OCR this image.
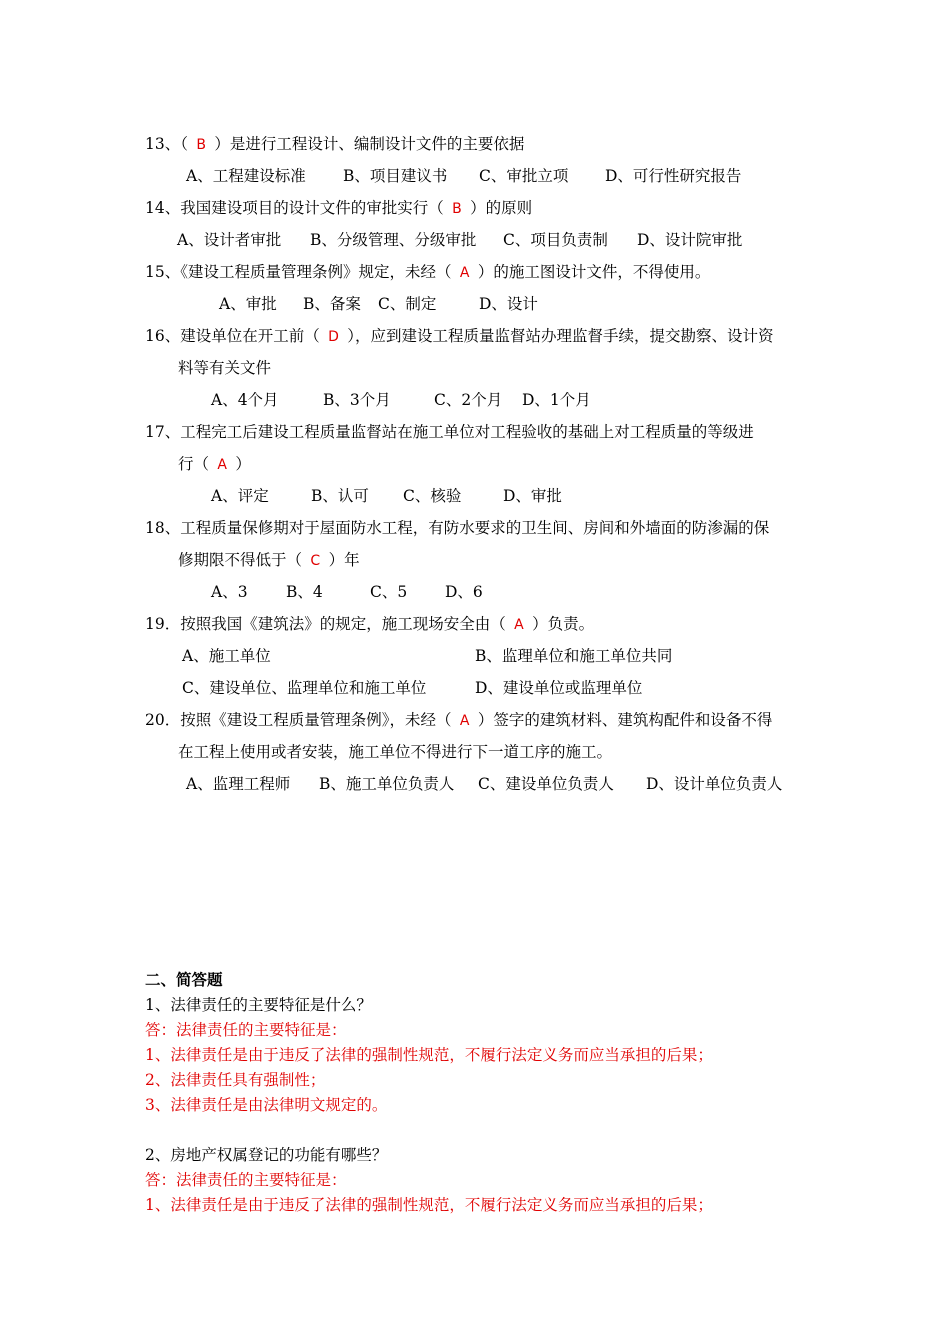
13、（ B ）是进行工程设计、编制设计文件的主要依据
A、工程建设标准 B、项目建议书 C、审批立项 D、可行性研究报告
14、我国建设项目的设计文件的审批实行（ B ）的原则
A、设计者审批 B、分级管理、分级审批 C、项目负责制 D、设计院审批
15、《建设工程质量管理条例》规定，未经（ A ）的施工图设计文件，不得使用。
A、审批 B、备案 C、制定	D、设计
16、建设单位在开工前（ D ），应到建设工程质量监督站办理监督手续，提交勘察、设计资
料等有关文件
A、4个月	B、3个月	C、2个月 D、1个月
17、工程完工后建设工程质量监督站在施工单位对工程验收的基础上对工程质量的等级进
行（ A ）
A、评定	B、认可 C、核验	D、审批
18、工程质量保修期对于屋面防水工程，有防水要求的卫生间、房间和外墙面的防渗漏的保
修期限不得低于（ C ）年
A、3 B、4	C、5 D、6
19．按照我国《建筑法》的规定，施工现场安全由（ A ）负责。
A、施工单位	B、监理单位和施工单位共同
C、建设单位、监理单位和施工单位	D、建设单位或监理单位
20．按照《建设工程质量管理条例》，未经（ A ）签字的建筑材料、建筑构配件和设备不得
在工程上使用或者安装，施工单位不得进行下一道工序的施工。
A、监理工程师 B、施工单位负责人 C、建设单位负责人 D、设计单位负责人
二、简答题
1、法律责任的主要特征是什么？
答：法律责任的主要特征是：
1、法律责任是由于违反了法律的强制性规范，不履行法定义务而应当承担的后果；
2、法律责任具有强制性；
3、法律责任是由法律明文规定的。
2、房地产权属登记的功能有哪些？
答：法律责任的主要特征是：
1、法律责任是由于违反了法律的强制性规范，不履行法定义务而应当承担的后果；
